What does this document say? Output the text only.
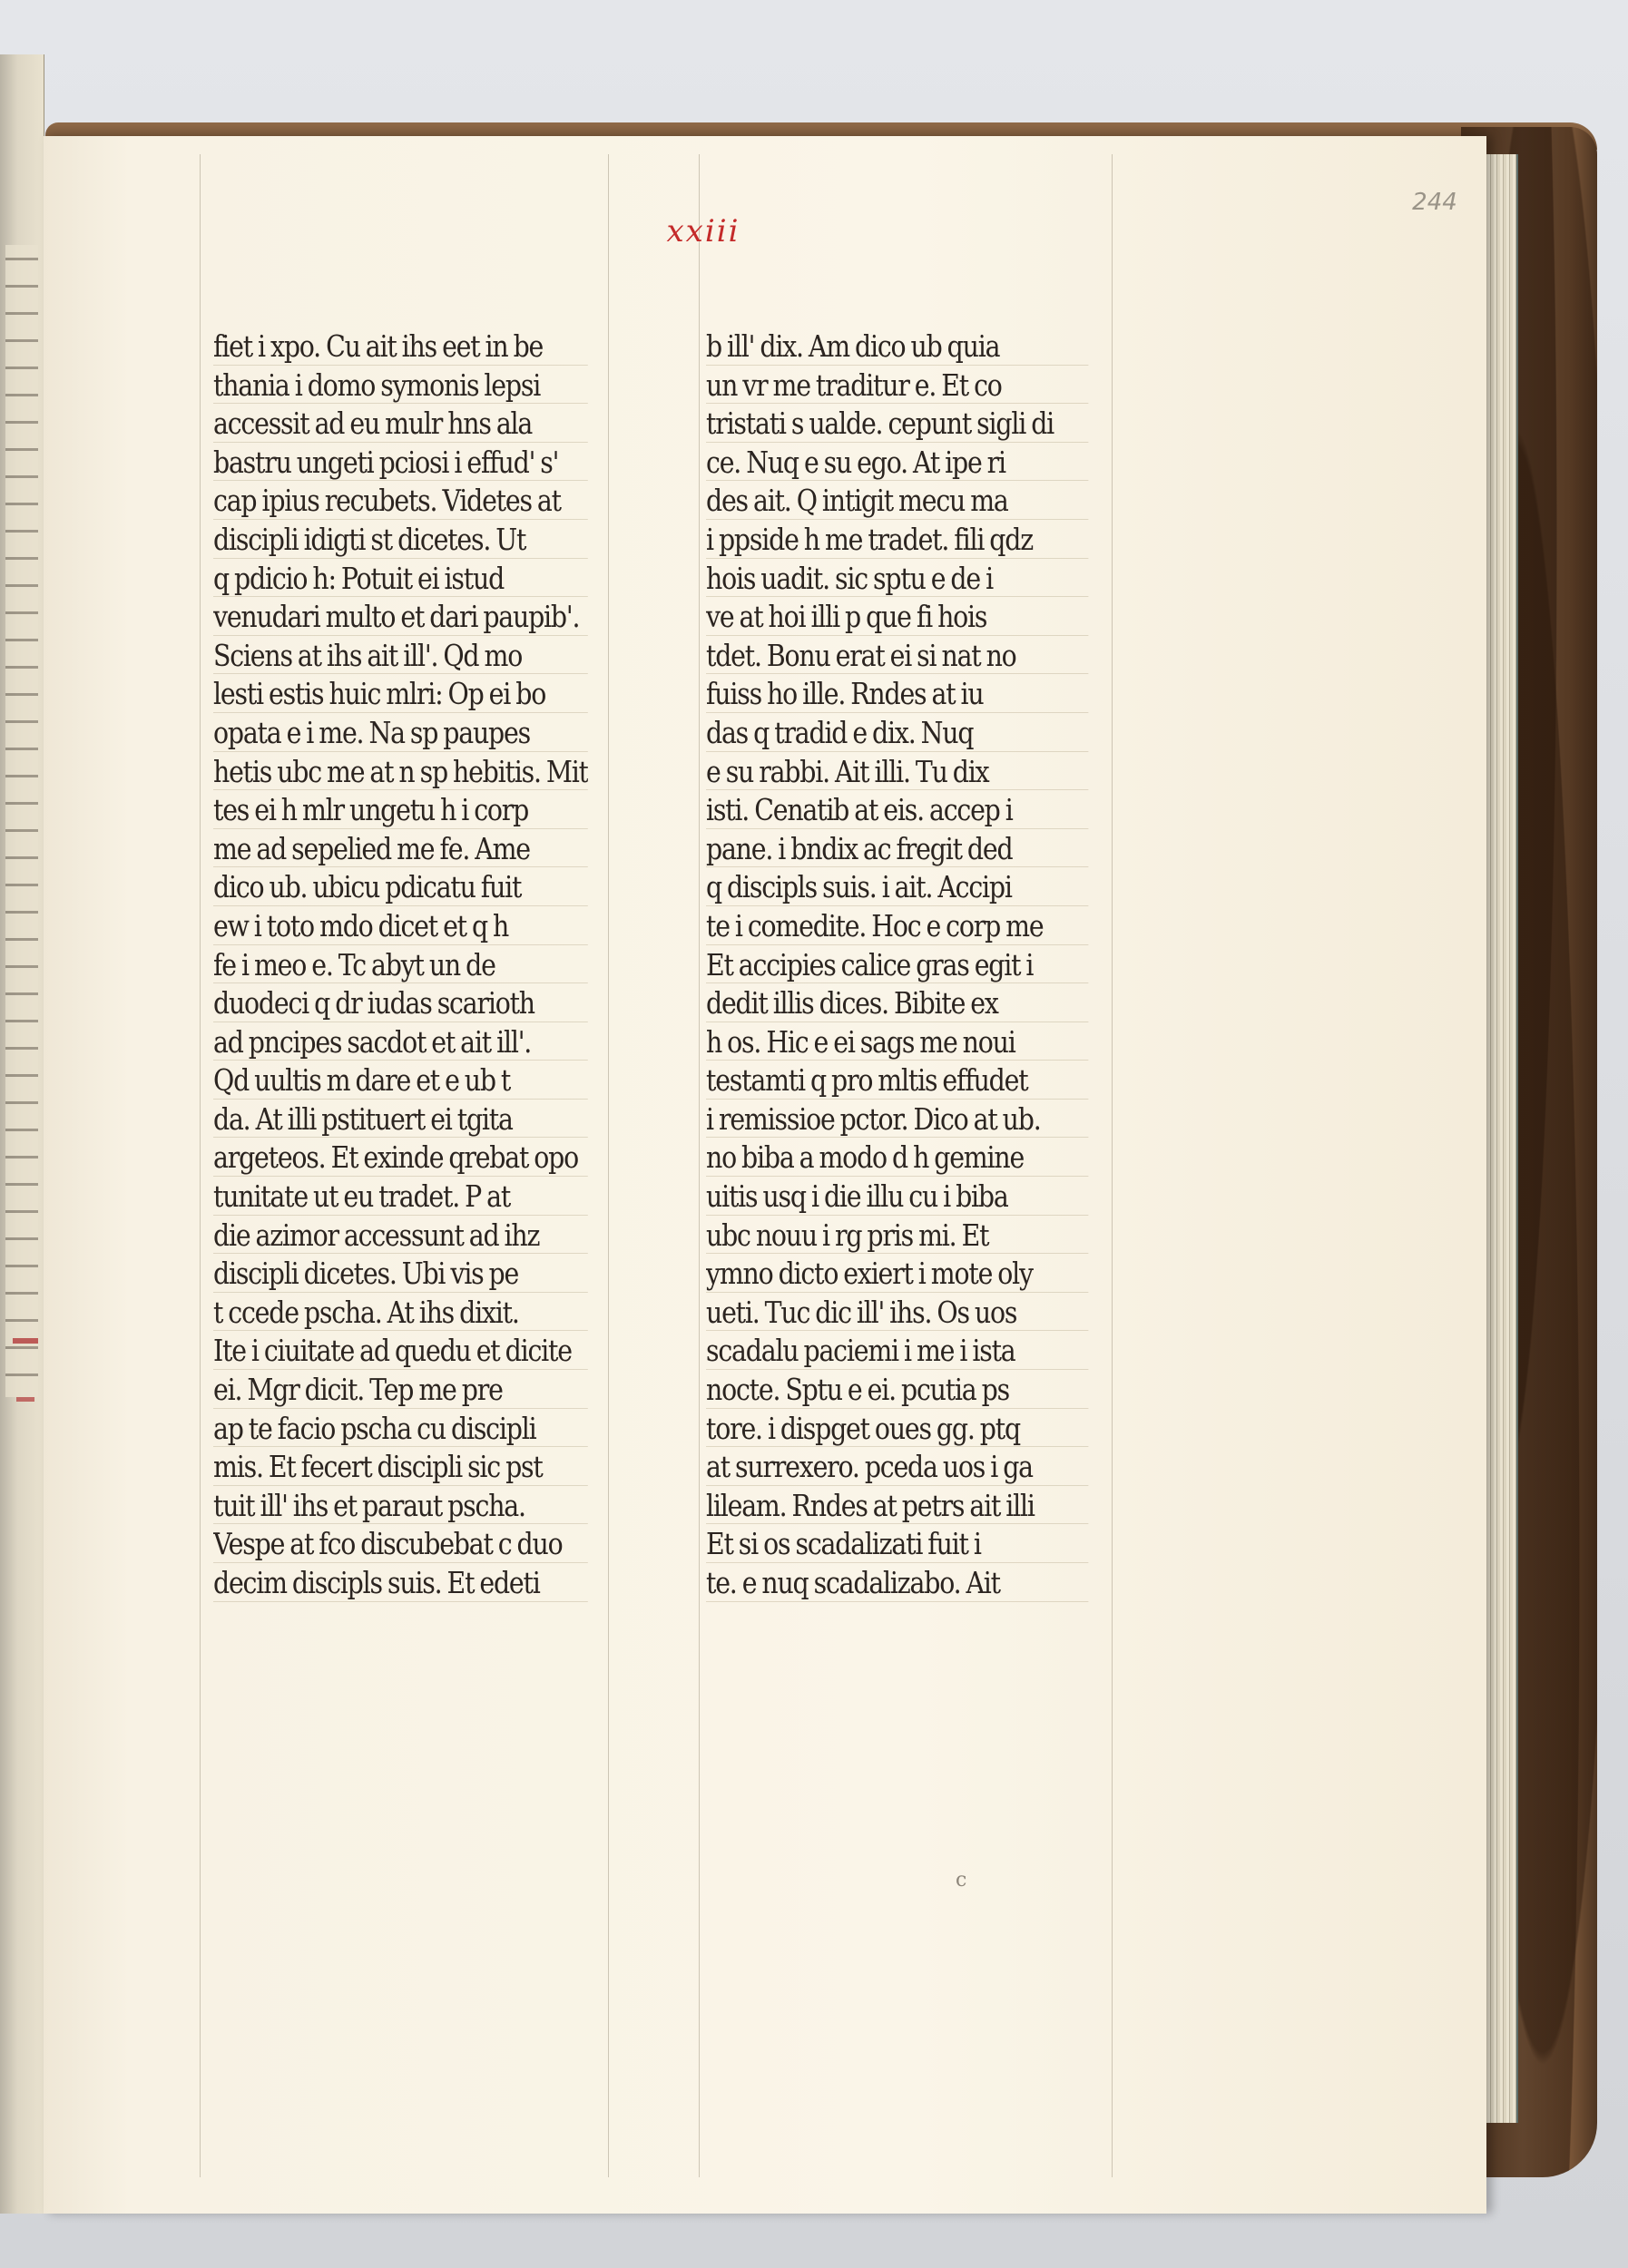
xxiii
244
fiet i xpo. Cu ait ihs eet in be
thania i domo symonis lepsi
accessit ad eu mulr hns ala
bastru ungeti pciosi i effud' s'
cap ipius recubets. Videtes at
discipli idigti st dicetes. Ut
q pdicio h: Potuit ei istud
venudari multo et dari paupib'.
Sciens at ihs ait ill'. Qd mo
lesti estis huic mlri: Op ei bo
opata e i me. Na sp paupes
hetis ubc me at n sp hebitis. Mit
tes ei h mlr ungetu h i corp
me ad sepelied me fe. Ame
dico ub. ubicu pdicatu fuit
ew i toto mdo dicet et q h
fe i meo e. Tc abyt un de
duodeci q dr iudas scarioth
ad pncipes sacdot et ait ill'.
Qd uultis m dare et e ub t
da. At illi pstituert ei tgita
argeteos. Et exinde qrebat opo
tunitate ut eu tradet. P at
die azimor accessunt ad ihz
discipli dicetes. Ubi vis pe
t ccede pscha. At ihs dixit.
Ite i ciuitate ad quedu et dicite
ei. Mgr dicit. Tep me pre
ap te facio pscha cu discipli
mis. Et fecert discipli sic pst
tuit ill' ihs et paraut pscha.
Vespe at fco discubebat c duo
decim discipls suis. Et edeti
b ill' dix. Am dico ub quia
un vr me traditur e. Et co
tristati s ualde. cepunt sigli di
ce. Nuq e su ego. At ipe ri
des ait. Q intigit mecu ma
i ppside h me tradet. fili qdz
hois uadit. sic sptu e de i
ve at hoi illi p que fi hois
tdet. Bonu erat ei si nat no
fuiss ho ille. Rndes at iu
das q tradid e dix. Nuq
e su rabbi. Ait illi. Tu dix
isti. Cenatib at eis. accep i
pane. i bndix ac fregit ded
q discipls suis. i ait. Accipi
te i comedite. Hoc e corp me
Et accipies calice gras egit i
dedit illis dices. Bibite ex
h os. Hic e ei sags me noui
testamti q pro mltis effudet
i remissioe pctor. Dico at ub.
no biba a modo d h gemine
uitis usq i die illu cu i biba
ubc nouu i rg pris mi. Et
ymno dicto exiert i mote oly
ueti. Tuc dic ill' ihs. Os uos
scadalu paciemi i me i ista
nocte. Sptu e ei. pcutia ps
tore. i dispget oues gg. ptq
at surrexero. pceda uos i ga
lileam. Rndes at petrs ait illi
Et si os scadalizati fuit i
te. e nuq scadalizabo. Ait
c
